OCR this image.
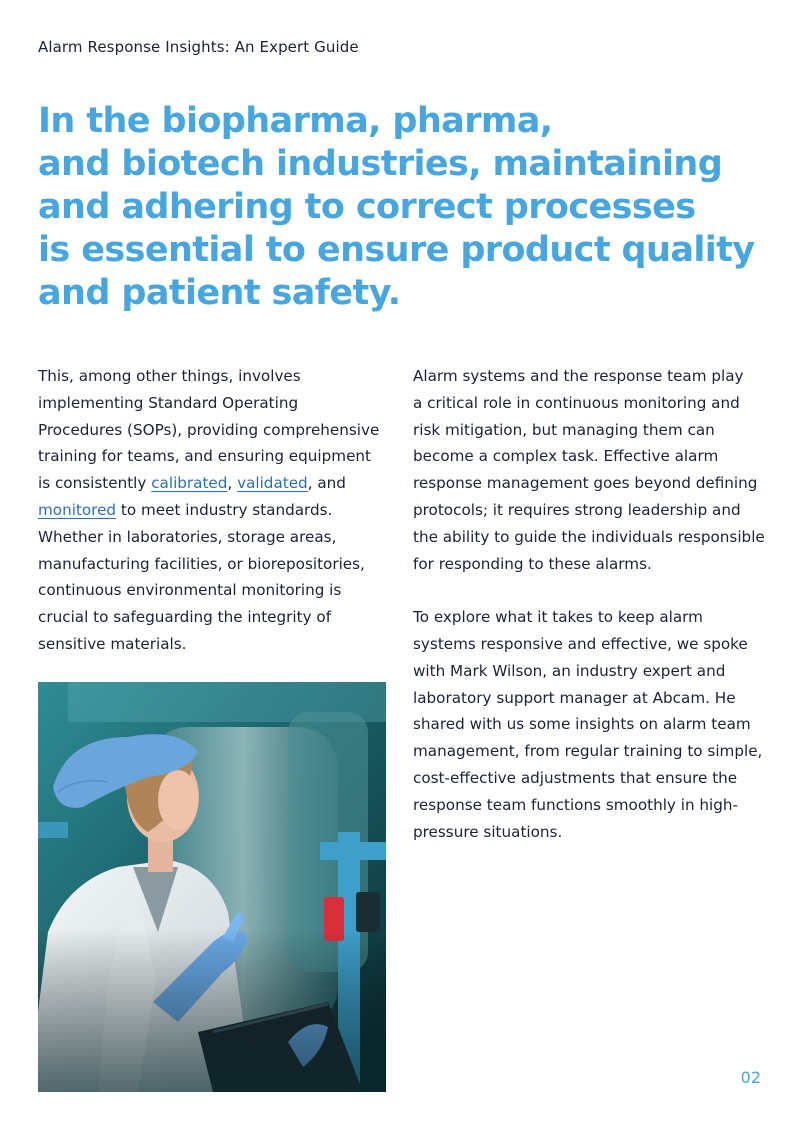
Alarm Response Insights: An Expert Guide

In the biopharma, pharma,
and biotech industries, maintaining
and adhering to correct processes
is essential to ensure product quality
and patient safety.
This, among other things, involves
implementing Standard Operating
Procedures (SOPs), providing comprehensive
training for teams, and ensuring equipment
is consistently calibrated, validated, and
monitored to meet industry standards.
Whether in laboratories, storage areas,
manufacturing facilities, or biorepositories,
continuous environmental monitoring is
crucial to safeguarding the integrity of
sensitive materials.
Alarm systems and the response team play
a critical role in continuous monitoring and
risk mitigation, but managing them can
become a complex task. Effective alarm
response management goes beyond defining
protocols; it requires strong leadership and
the ability to guide the individuals responsible
for responding to these alarms.
To explore what it takes to keep alarm
systems responsive and effective, we spoke
with Mark Wilson, an industry expert and
laboratory support manager at Abcam. He
shared with us some insights on alarm team
management, from regular training to simple,
cost-effective adjustments that ensure the
response team functions smoothly in high-
pressure situations.

02
